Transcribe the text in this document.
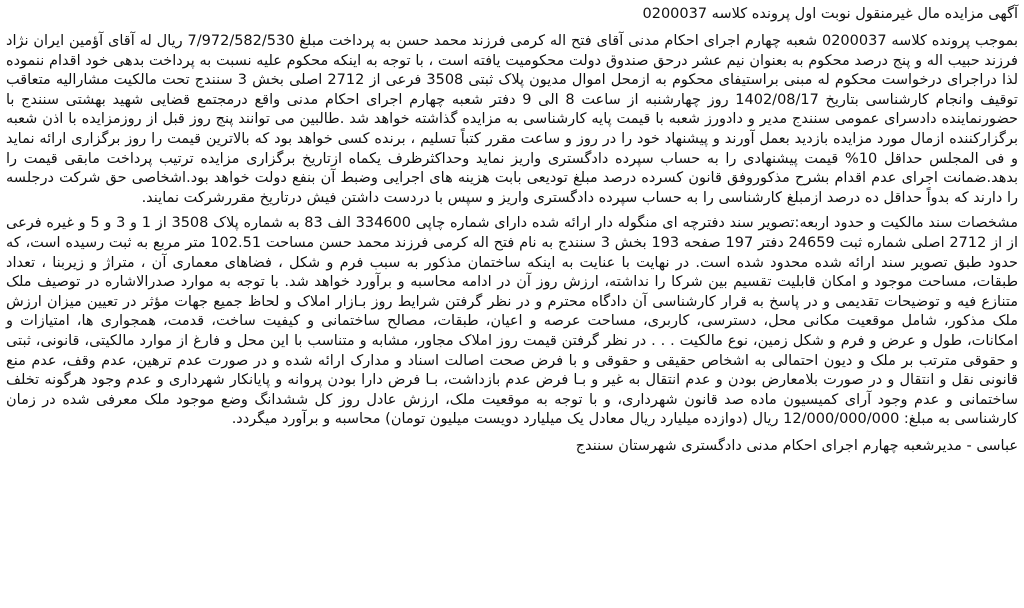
آگهی مزایده مال غیرمنقول نوبت اول پرونده کلاسه 0200037

بموجب پرونده کلاسه 0200037 شعبه چهارم اجرای احکام مدنی آقای فتح اله کرمی فرزند محمد حسن به پرداخت مبلغ 7/972/582/530 ریال له آقای آؤمین ایران نژاد فرزند حبیب اله و پنج درصد محکوم به بعنوان نیم عشر درحق صندوق دولت محکومیت یافته است ، با توجه به اینکه محکوم علیه نسبت به پرداخت بدهی خود اقدام ننموده لذا دراجرای درخواست محکوم له مبنی براستیفای محکوم به ازمحل اموال مدیون پلاک ثبتی 3508 فرعی از 2712 اصلی بخش 3 سنندج تحت مالکیت مشارالیه متعاقب توقیف وانجام کارشناسی بتاریخ 1402/08/17 روز چهارشنبه از ساعت 8 الی 9 دفتر شعبه چهارم اجرای احکام مدنی واقع درمجتمع قضایی شهید بهشتی سنندج با حضورنماینده دادسرای عمومی سنندج مدیر و دادورز شعبه با قیمت پایه کارشناسی به مزایده گذاشته خواهد شد .طالبین می توانند پنج روز قبل از روزمزایده با اذن شعبه برگزارکننده ازمال مورد مزایده بازدید بعمل آورند و پیشنهاد خود را در روز و ساعت مقرر کتباً تسلیم ، برنده کسی خواهد بود که بالاترین قیمت را روز برگزاری ارائه نماید و فی المجلس حداقل 10% قیمت پیشنهادی را به حساب سپرده دادگستری واریز نماید وحداکثرظرف یکماه ازتاریخ برگزاری مزایده ترتیب پرداخت مابقی قیمت را بدهد.ضمانت اجرای عدم اقدام بشرح مذکوروفق قانون کسرده درصد مبلغ تودیعی بابت هزینه های اجرایی وضبط آن بنفع دولت خواهد بود.اشخاصی حق شرکت درجلسه را دارند که بدواً حداقل ده درصد ازمبلغ کارشناسی را به حساب سپرده دادگستری واریز و سپس با دردست داشتن فیش درتاریخ مقررشرکت نمایند.

مشخصات سند مالکیت و حدود اربعه:تصویر سند دفترچه ای منگوله دار ارائه شده دارای شماره چاپی 334600 الف 83 به شماره پلاک 3508 از 1 و 3 و 5 و غیره فرعی از از 2712 اصلی شماره ثبت 24659 دفتر 197 صفحه 193 بخش 3 سنندج به نام فتح اله کرمی فرزند محمد حسن مساحت 102.51 متر مربع به ثبت رسیده است، که حدود طبق تصویر سند ارائه شده محدود شده است. در نهایت با عنایت به اینکه ساختمان مذکور به سبب فرم و شکل ، فضاهای معماری آن ، متراژ و زیربنا ، تعداد طبقات، مساحت موجود و امکان قابلیت تقسیم بین شرکا را نداشته، ارزش روز آن در ادامه محاسبه و برآورد خواهد شد. با توجه به موارد صدرالاشاره در توصیف ملک متنازع فیه و توضیحات تقدیمی و در پاسخ به قرار کارشناسی آن دادگاه محترم و در نظر گرفتن شرایط روز بـازار املاک و لحاظ جمیع جهات مؤثر در تعیین میزان ارزش ملک مذکور، شامل موقعیت مکانی محل، دسترسی، کاربری، مساحت عرصه و اعیان، طبقات، مصالح ساختمانی و کیفیت ساخت، قدمت، همجواری ها، امتیازات و امکانات، طول و عرض و فرم و شکل زمین، نوع مالکیت . . . در نظر گرفتن قیمت روز املاک مجاور، مشابه و متناسب با این محل و فارغ از موارد مالکیتی، قانونی، ثبتی و حقوقی مترتب بر ملک و دیون احتمالی به اشخاص حقیقی و حقوقی و با فرض صحت اصالت اسناد و مدارک ارائه شده و در صورت عدم ترهین، عدم وقف، عدم منع قانونی نقل و انتقال و در صورت بلامعارض بودن و عدم انتقال به غیر و بـا فرض عدم بازداشت، بـا فرض دارا بودن پروانه و پایانکار شهرداری و عدم وجود هرگونه تخلف ساختمانی و عدم وجود آرای کمیسیون ماده صد قانون شهرداری، و با توجه به موقعیت ملک، ارزش عادل روز کل ششدانگ وضع موجود ملک معرفی شده در زمان کارشناسی به مبلغ: 12/000/000/000 ریال (دوازده میلیارد ریال معادل یک میلیارد دویست میلیون تومان) محاسبه و برآورد میگردد.

عباسی - مدیرشعبه چهارم اجرای احکام مدنی دادگستری شهرستان سنندج
